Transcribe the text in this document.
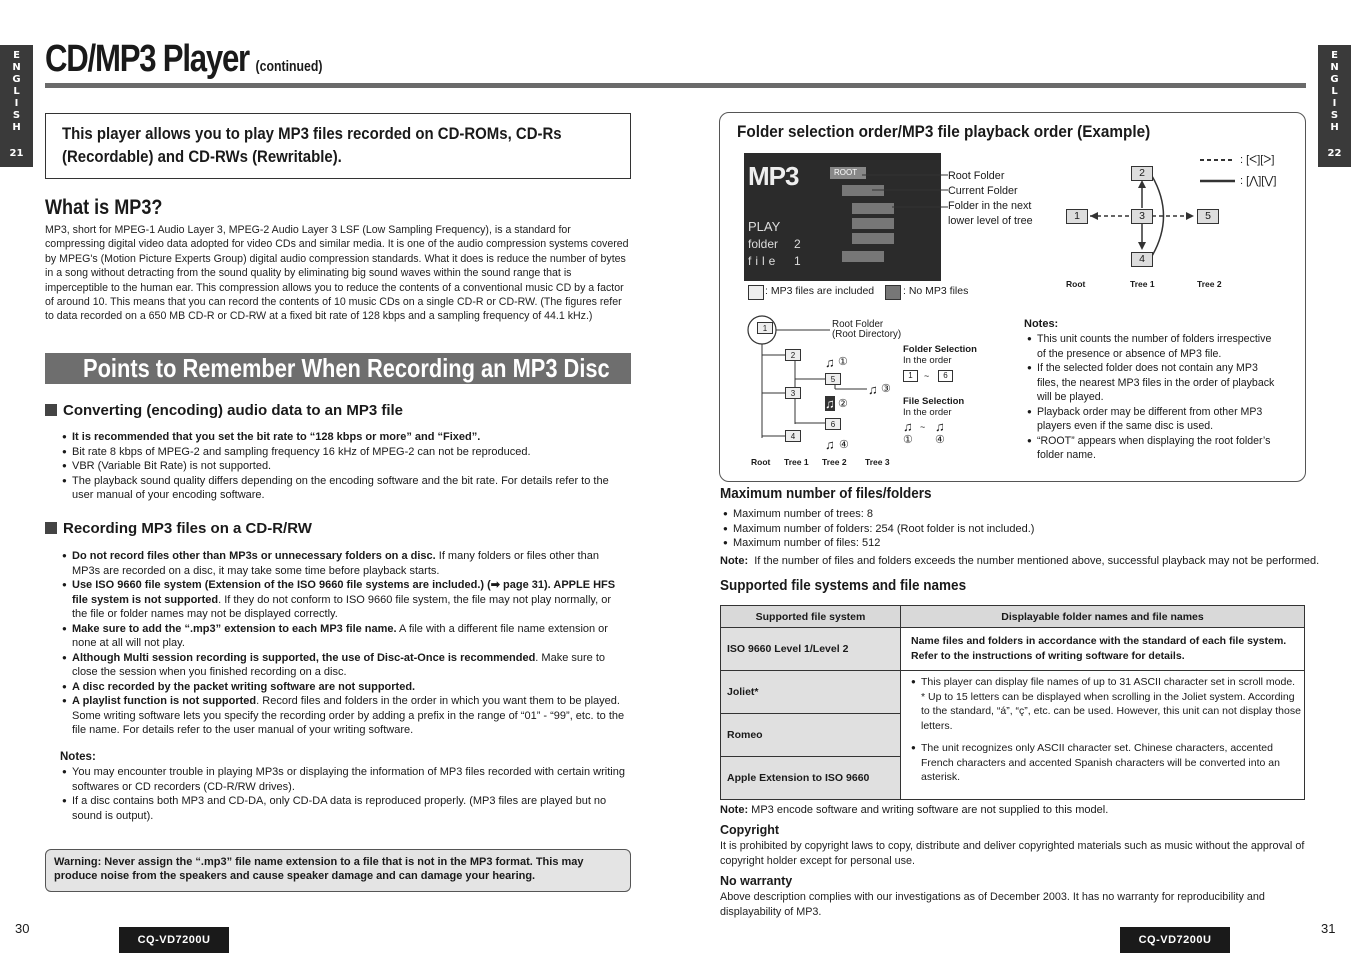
E
N
G
L
I
S
H
21
E
N
G
L
I
S
H
22
CD/MP3 Player (continued)
This player allows you to play MP3 files recorded on CD-ROMs, CD-Rs (Recordable) and CD-RWs (Rewritable).
What is MP3?
MP3, short for MPEG-1 Audio Layer 3, MPEG-2 Audio Layer 3 LSF (Low Sampling Frequency), is a standard for compressing digital video data adopted for video CDs and similar media. It is one of the audio compression systems covered by MPEG's (Motion Picture Experts Group) digital audio compression standards. What it does is reduce the number of bytes in a song without detracting from the sound quality by eliminating big sound waves within the sound range that is imperceptible to the human ear. This compression allows you to reduce the contents of a conventional music CD by a factor of around 10. This means that you can record the contents of 10 music CDs on a single CD-R or CD-RW. (The figures refer to data recorded on a 650 MB CD-R or CD-RW at a fixed bit rate of 128 kbps and a sampling frequency of 44.1 kHz.)
Points to Remember When Recording an MP3 Disc
Converting (encoding) audio data to an MP3 file
● It is recommended that you set the bit rate to “128 kbps or more” and “Fixed”.
● Bit rate 8 kbps of MPEG-2 and sampling frequency 16 kHz of MPEG-2 can not be reproduced.
● VBR (Variable Bit Rate) is not supported.
● The playback sound quality differs depending on the encoding software and the bit rate. For details refer to the user manual of your encoding software.
Recording MP3 files on a CD-R/RW
● Do not record files other than MP3s or unnecessary folders on a disc. If many folders or files other than MP3s are recorded on a disc, it may take some time before playback starts.
● Use ISO 9660 file system (Extension of the ISO 9660 file systems are included.) (➡ page 31). APPLE HFS file system is not supported. If they do not conform to ISO 9660 file system, the file may not play normally, or the file or folder names may not be displayed correctly.
● Make sure to add the “.mp3” extension to each MP3 file name. A file with a different file name extension or none at all will not play.
● Although Multi session recording is supported, the use of Disc-at-Once is recommended. Make sure to close the session when you finished recording on a disc.
● A disc recorded by the packet writing software are not supported.
● A playlist function is not supported. Record files and folders in the order in which you want them to be played. Some writing software lets you specify the recording order by adding a prefix in the range of “01” - “99”, etc. to the file name. For details refer to the user manual of your writing software.
Notes:
● You may encounter trouble in playing MP3s or displaying the information of MP3 files recorded with certain writing softwares or CD recorders (CD-R/RW drives).
● If a disc contains both MP3 and CD-DA, only CD-DA data is reproduced properly. (MP3 files are played but no sound is output).
Warning: Never assign the “.mp3” file name extension to a file that is not in the MP3 format. This may produce noise from the speakers and cause speaker damage and can damage your hearing.
30	31
CQ-VD7200U	CQ-VD7200U
Folder selection order/MP3 file playback order (Example)
MP3
PLAY
folder 2
file 1
ROOT	Root Folder
Current Folder
Folder in the next
lower level of tree
: MP3 files are included	: No MP3 files
: [ᐸ][ᐳ]
: [⋀][⋁]
1
2
3
4
5
Root	Tree 1	Tree 2
1
2
3
4
5
6
♫ ①
♫ ②
♫ ③
♫ ④
Root Folder
(Root Directory)
Folder Selection
In the order
1	~	6
File Selection
In the order
♫ ~ ♫
① ④
Root Tree 1 Tree 2 Tree 3
Notes:
● This unit counts the number of folders irrespective of the presence or absence of MP3 file.
● If the selected folder does not contain any MP3 files, the nearest MP3 files in the order of playback will be played.
● Playback order may be different from other MP3 players even if the same disc is used.
● “ROOT” appears when displaying the root folder’s folder name.
Maximum number of files/folders
● Maximum number of trees: 8
● Maximum number of folders: 254 (Root folder is not included.)
● Maximum number of files: 512
Note: If the number of files and folders exceeds the number mentioned above, successful playback may not be performed.
Supported file systems and file names
Supported file system	Displayable folder names and file names
ISO 9660 Level 1/Level 2	Name files and folders in accordance with the standard of each file system.
Refer to the instructions of writing software for details.

Joliet*	● This player can display file names of up to 31 ASCII character set in scroll mode.
* Up to 15 letters can be displayed when scrolling in the Joliet system. According to the standard, “á”, “ç”, etc. can be used. However, this unit can not display those letters.
● The unit recognizes only ASCII character set. Chinese characters, accented French characters and accented Spanish characters will be converted into an asterisk.

Romeo	
Apple Extension to ISO 9660	
Note: MP3 encode software and writing software are not supplied to this model.
Copyright
It is prohibited by copyright laws to copy, distribute and deliver copyrighted materials such as music without the approval of copyright holder except for personal use.
No warranty
Above description complies with our investigations as of December 2003. It has no warranty for reproducibility and displayability of MP3.
